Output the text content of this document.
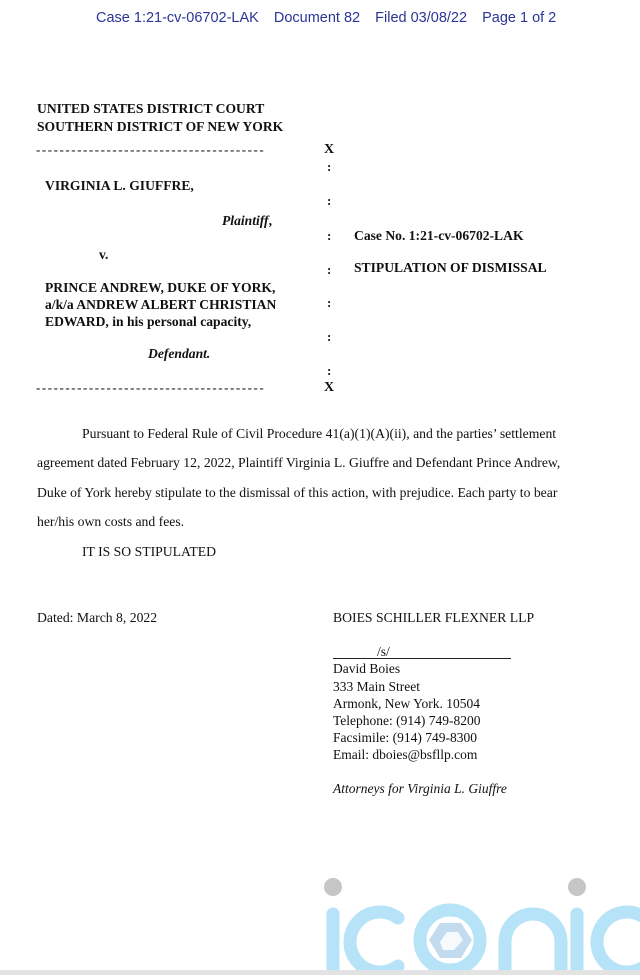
Case 1:21-cv-06702-LAK Document 82 Filed 03/08/22 Page 1 of 2
UNITED STATES DISTRICT COURT
SOUTHERN DISTRICT OF NEW YORK
---------------------------------------	X
:
:
:
:
:
:
:
---------------------------------------	X
VIRGINIA L. GIUFFRE,
Plaintiff,
v.
PRINCE ANDREW, DUKE OF YORK,
a/k/a ANDREW ALBERT CHRISTIAN
EDWARD, in his personal capacity,
Defendant.
Case No. 1:21-cv-06702-LAK
STIPULATION OF DISMISSAL
Pursuant to Federal Rule of Civil Procedure 41(a)(1)(A)(ii), and the parties’ settlement
agreement dated February 12, 2022, Plaintiff Virginia L. Giuffre and Defendant Prince Andrew,
Duke of York hereby stipulate to the dismissal of this action, with prejudice. Each party to bear
her/his own costs and fees.
IT IS SO STIPULATED
Dated: March 8, 2022	BOIES SCHILLER FLEXNER LLP
/s/
David Boies
333 Main Street
Armonk, New York. 10504
Telephone: (914) 749-8200
Facsimile: (914) 749-8300
Email: dboies@bsfllp.com
Attorneys for Virginia L. Giuffre
